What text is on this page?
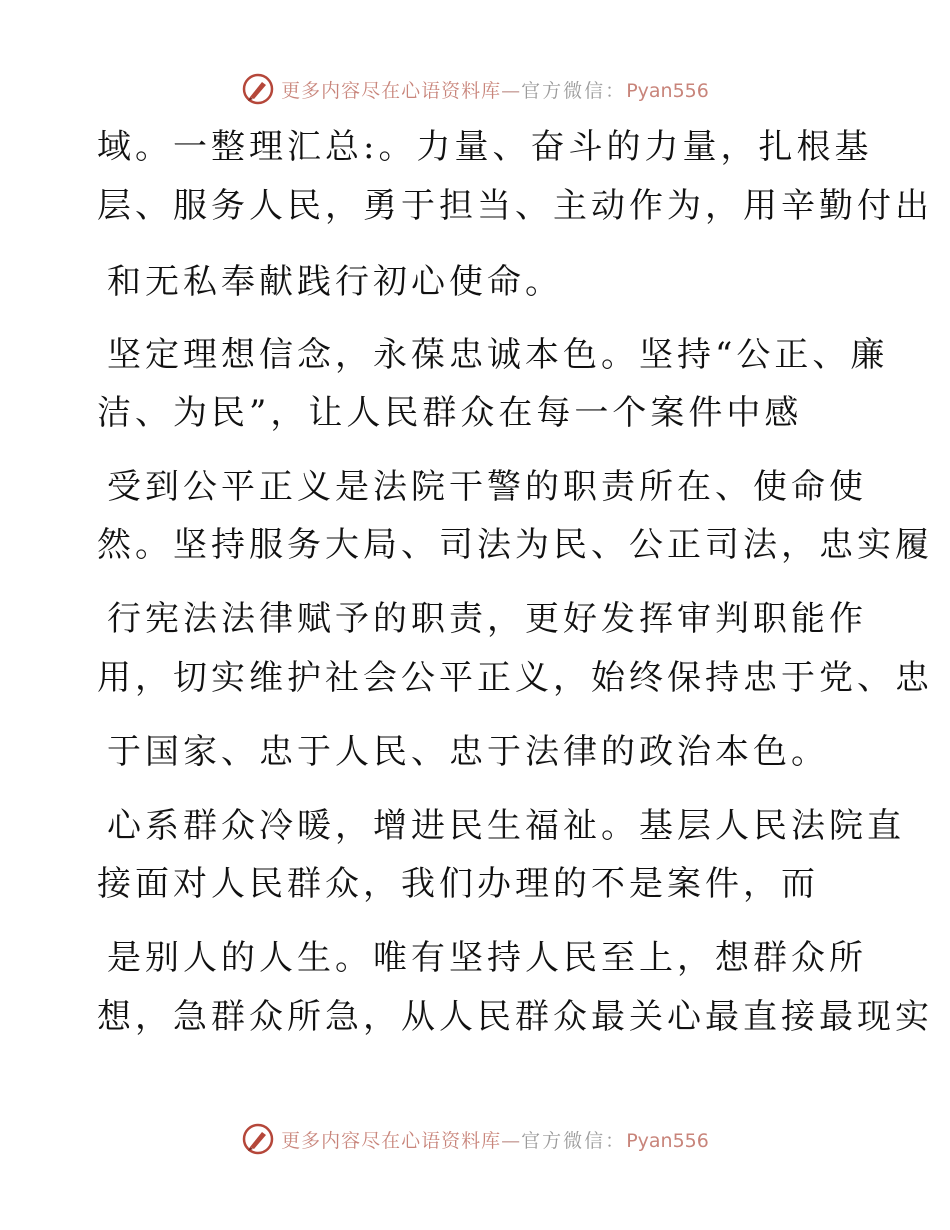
更多内容尽在心语资料库—官方微信：Pyan556
域。一整理汇总:。力量、奋斗的力量，扎根基
层、服务人民，勇于担当、主动作为，用辛勤付出
和无私奉献践行初心使命。
坚定理想信念，永葆忠诚本色。坚持“公正、廉
洁、为民”，让人民群众在每一个案件中感
受到公平正义是法院干警的职责所在、使命使
然。坚持服务大局、司法为民、公正司法，忠实履
行宪法法律赋予的职责，更好发挥审判职能作
用，切实维护社会公平正义，始终保持忠于党、忠
于国家、忠于人民、忠于法律的政治本色。
心系群众冷暖，增进民生福祉。基层人民法院直
接面对人民群众，我们办理的不是案件，而
是别人的人生。唯有坚持人民至上，想群众所
想，急群众所急，从人民群众最关心最直接最现实
更多内容尽在心语资料库—官方微信：Pyan556
